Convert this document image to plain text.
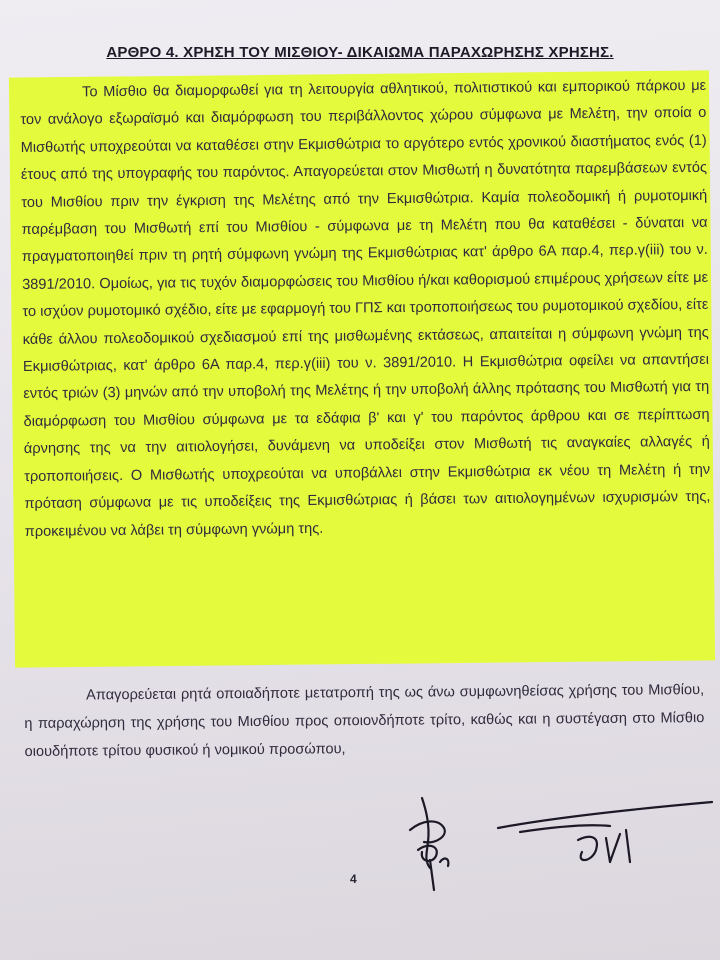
ΑΡΘΡΟ 4. ΧΡΗΣΗ ΤΟΥ ΜΙΣΘΙΟΥ- ΔΙΚΑΙΩΜΑ ΠΑΡΑΧΩΡΗΣΗΣ ΧΡΗΣΗΣ.

Το Μίσθιο θα διαμορφωθεί για τη λειτουργία αθλητικού, πολιτιστικού και εμπορικού πάρκου με τον ανάλογο εξωραϊσμό και διαμόρφωση του περιβάλλοντος χώρου σύμφωνα με Μελέτη, την οποία ο Μισθωτής υποχρεούται να καταθέσει στην Εκμισθώτρια το αργότερο εντός χρονικού διαστήματος ενός (1) έτους από της υπογραφής του παρόντος. Απαγορεύεται στον Μισθωτή η δυνατότητα παρεμβάσεων εντός του Μισθίου πριν την έγκριση της Μελέτης από την Εκμισθώτρια. Καμία πολεοδομική ή ρυμοτομική παρέμβαση του Μισθωτή επί του Μισθίου - σύμφωνα με τη Μελέτη που θα καταθέσει - δύναται να πραγματοποιηθεί πριν τη ρητή σύμφωνη γνώμη της Εκμισθώτριας κατ' άρθρο 6Α παρ.4, περ.γ(iii) του ν. 3891/2010. Ομοίως, για τις τυχόν διαμορφώσεις του Μισθίου ή/και καθορισμού επιμέρους χρήσεων είτε με το ισχύον ρυμοτομικό σχέδιο, είτε με εφαρμογή του ΓΠΣ και τροποποιήσεως του ρυμοτομικού σχεδίου, είτε κάθε άλλου πολεοδομικού σχεδιασμού επί της μισθωμένης εκτάσεως, απαιτείται η σύμφωνη γνώμη της Εκμισθώτριας, κατ' άρθρο 6Α παρ.4, περ.γ(iii) του ν. 3891/2010. Η Εκμισθώτρια οφείλει να απαντήσει εντός τριών (3) μηνών από την υποβολή της Μελέτης ή την υποβολή άλλης πρότασης του Μισθωτή για τη διαμόρφωση του Μισθίου σύμφωνα με τα εδάφια β' και γ' του παρόντος άρθρου και σε περίπτωση άρνησης της να την αιτιολογήσει, δυνάμενη να υποδείξει στον Μισθωτή τις αναγκαίες αλλαγές ή τροποποιήσεις. Ο Μισθωτής υποχρεούται να υποβάλλει στην Εκμισθώτρια εκ νέου τη Μελέτη ή την πρόταση σύμφωνα με τις υποδείξεις της Εκμισθώτριας ή βάσει των αιτιολογημένων ισχυρισμών της, προκειμένου να λάβει τη σύμφωνη γνώμη της.

Απαγορεύεται ρητά οποιαδήποτε μετατροπή της ως άνω συμφωνηθείσας χρήσης του Μισθίου, η παραχώρηση της χρήσης του Μισθίου προς οποιονδήποτε τρίτο, καθώς και η συστέγαση στο Μίσθιο οιουδήποτε τρίτου φυσικού ή νομικού προσώπου,

4
